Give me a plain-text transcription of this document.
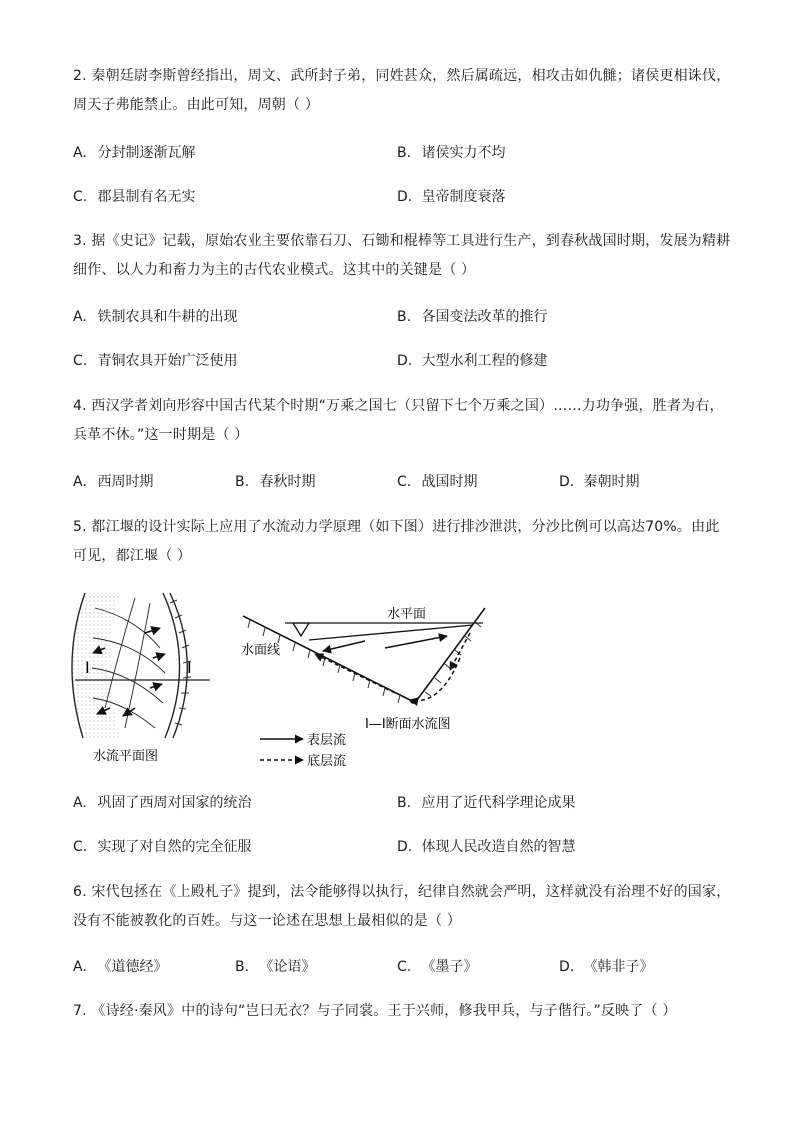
2. 秦朝廷尉李斯曾经指出，周文、武所封子弟，同姓甚众，然后属疏远，相攻击如仇雠；诸侯更相诛伐，周天子弗能禁止。由此可知，周朝（ ）
A. 分封制逐渐瓦解	B. 诸侯实力不均
C. 郡县制有名无实	D. 皇帝制度衰落
3. 据《史记》记载，原始农业主要依靠石刀、石锄和棍棒等工具进行生产，到春秋战国时期，发展为精耕细作、以人力和畜力为主的古代农业模式。这其中的关键是（ ）
A. 铁制农具和牛耕的出现	B. 各国变法改革的推行
C. 青铜农具开始广泛使用	D. 大型水利工程的修建
4. 西汉学者刘向形容中国古代某个时期“万乘之国七（只留下七个万乘之国）……力功争强，胜者为右，兵革不休。”这一时期是（ ）
A. 西周时期	B. 春秋时期	C. 战国时期	D. 秦朝时期
5. 都江堰的设计实际上应用了水流动力学原理（如下图）进行排沙泄洪，分沙比例可以高达70%。由此可见，都江堰（ ）
I	I
水流平面图
水平面
水面线
I—I断面水流图
表层流
底层流
A. 巩固了西周对国家的统治	B. 应用了近代科学理论成果
C. 实现了对自然的完全征服	D. 体现人民改造自然的智慧
6. 宋代包拯在《上殿札子》提到，法令能够得以执行，纪律自然就会严明，这样就没有治理不好的国家，没有不能被教化的百姓。与这一论述在思想上最相似的是（ ）
A. 《道德经》	B. 《论语》	C. 《墨子》	D. 《韩非子》
7. 《诗经·秦风》中的诗句“岂曰无衣？与子同裳。王于兴师，修我甲兵，与子偕行。”反映了（ ）
